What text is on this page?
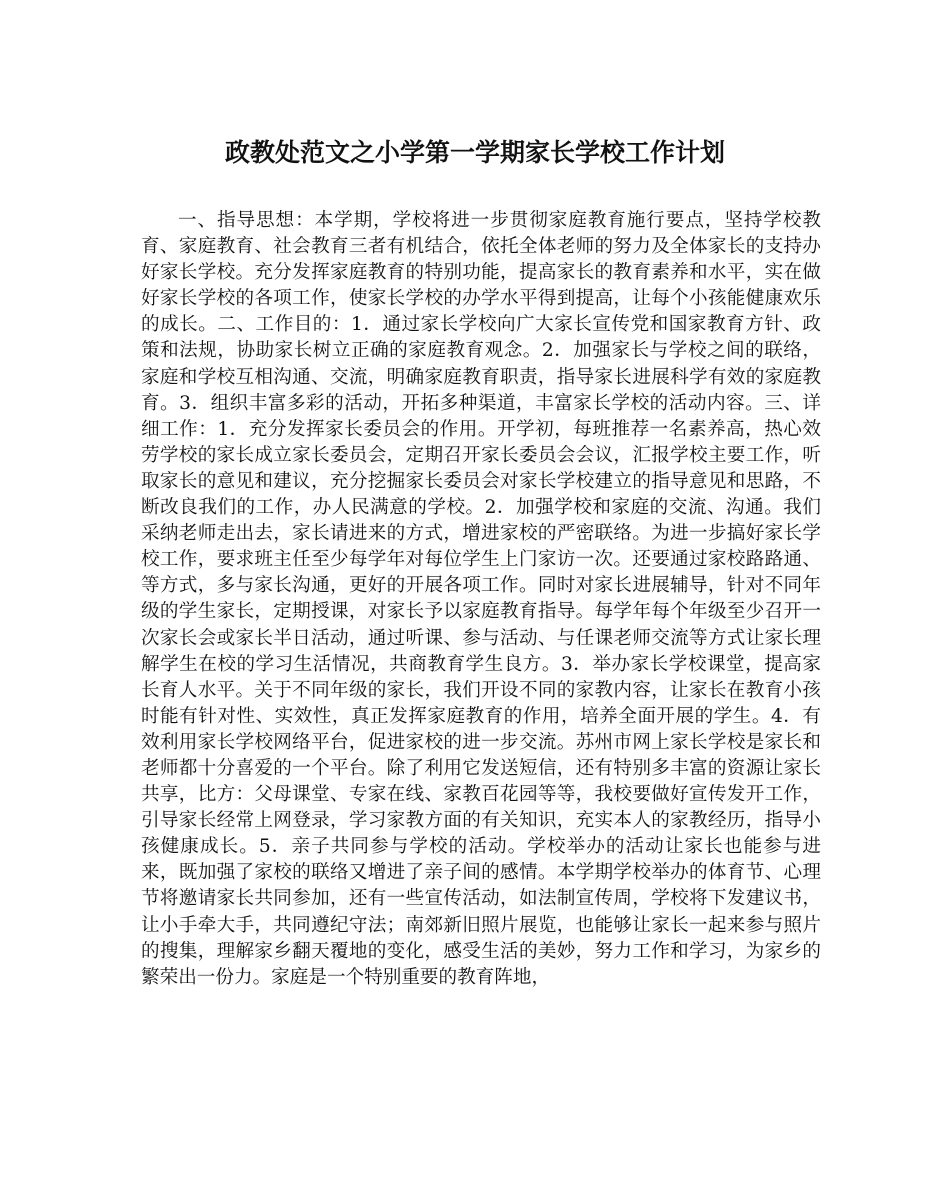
政教处范文之小学第一学期家长学校工作计划

一、指导思想：本学期，学校将进一步贯彻家庭教育施行要点，坚持学校教育、家庭教育、社会教育三者有机结合，依托全体老师的努力及全体家长的支持办好家长学校。充分发挥家庭教育的特别功能，提高家长的教育素养和水平，实在做好家长学校的各项工作，使家长学校的办学水平得到提高，让每个小孩能健康欢乐的成长。二、工作目的：1．通过家长学校向广大家长宣传党和国家教育方针、政策和法规，协助家长树立正确的家庭教育观念。2．加强家长与学校之间的联络，家庭和学校互相沟通、交流，明确家庭教育职责，指导家长进展科学有效的家庭教育。3．组织丰富多彩的活动，开拓多种渠道，丰富家长学校的活动内容。三、详细工作：1．充分发挥家长委员会的作用。开学初，每班推荐一名素养高，热心效劳学校的家长成立家长委员会，定期召开家长委员会会议，汇报学校主要工作，听取家长的意见和建议，充分挖掘家长委员会对家长学校建立的指导意见和思路，不断改良我们的工作，办人民满意的学校。2．加强学校和家庭的交流、沟通。我们采纳老师走出去，家长请进来的方式，增进家校的严密联络。为进一步搞好家长学校工作，要求班主任至少每学年对每位学生上门家访一次。还要通过家校路路通、等方式，多与家长沟通，更好的开展各项工作。同时对家长进展辅导，针对不同年级的学生家长，定期授课，对家长予以家庭教育指导。每学年每个年级至少召开一次家长会或家长半日活动，通过听课、参与活动、与任课老师交流等方式让家长理解学生在校的学习生活情况，共商教育学生良方。3．举办家长学校课堂，提高家长育人水平。关于不同年级的家长，我们开设不同的家教内容，让家长在教育小孩时能有针对性、实效性，真正发挥家庭教育的作用，培养全面开展的学生。4．有效利用家长学校网络平台，促进家校的进一步交流。苏州市网上家长学校是家长和老师都十分喜爱的一个平台。除了利用它发送短信，还有特别多丰富的资源让家长共享，比方：父母课堂、专家在线、家教百花园等等，我校要做好宣传发开工作，引导家长经常上网登录，学习家教方面的有关知识，充实本人的家教经历，指导小孩健康成长。5．亲子共同参与学校的活动。学校举办的活动让家长也能参与进来，既加强了家校的联络又增进了亲子间的感情。本学期学校举办的体育节、心理节将邀请家长共同参加，还有一些宣传活动，如法制宣传周，学校将下发建议书，让小手牵大手，共同遵纪守法；南郊新旧照片展览，也能够让家长一起来参与照片的搜集，理解家乡翻天覆地的变化，感受生活的美妙，努力工作和学习，为家乡的繁荣出一份力。家庭是一个特别重要的教育阵地，
